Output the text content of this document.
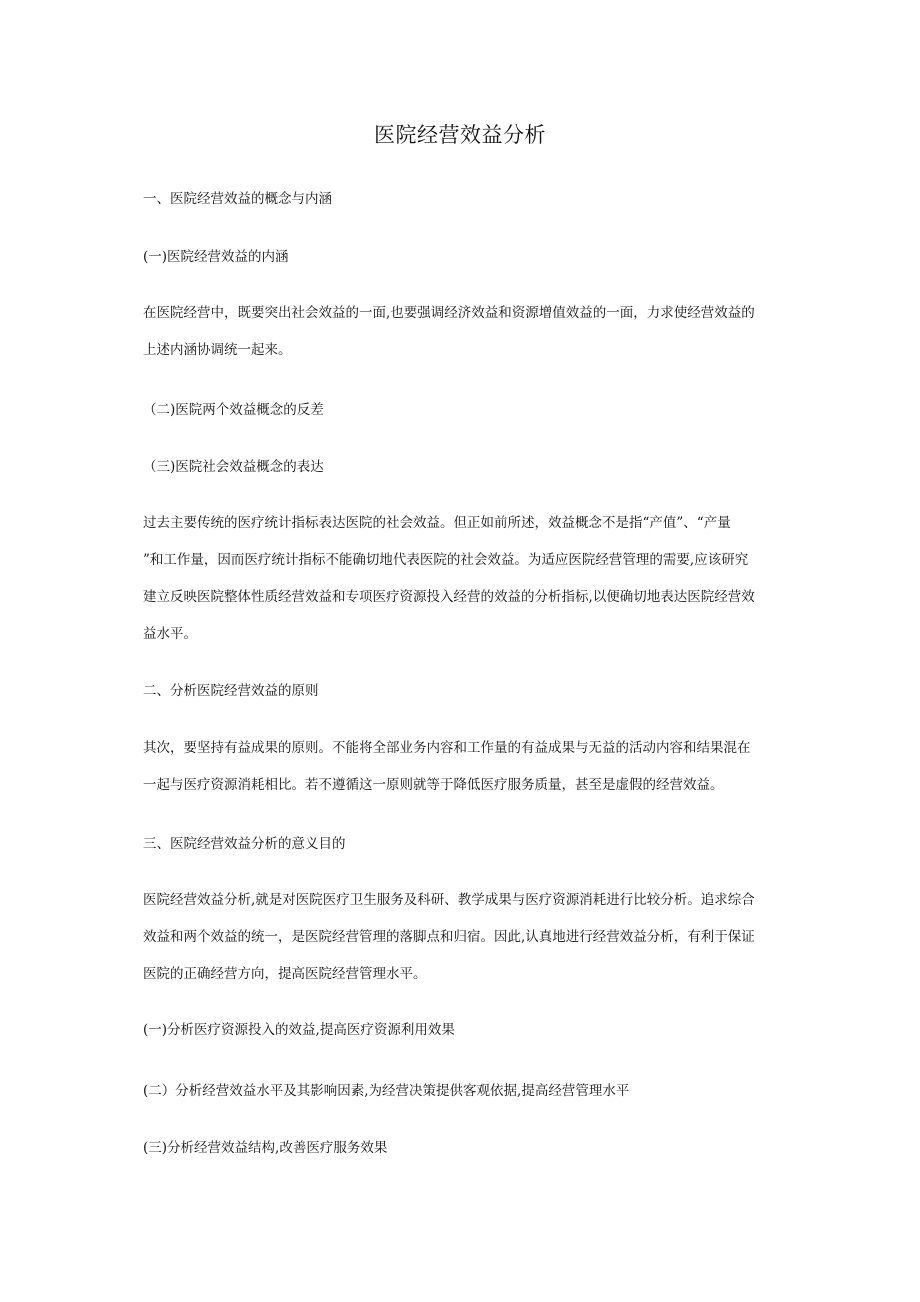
医院经营效益分析
一、医院经营效益的概念与内涵
(一)医院经营效益的内涵
在医院经营中，既要突出社会效益的一面,也要强调经济效益和资源增值效益的一面，力求使经营效益的
上述内涵协调统一起来。
（二)医院两个效益概念的反差
（三)医院社会效益概念的表达
过去主要传统的医疗统计指标表达医院的社会效益。但正如前所述，效益概念不是指“产值”、“产量
”和工作量，因而医疗统计指标不能确切地代表医院的社会效益。为适应医院经营管理的需要,应该研究
建立反映医院整体性质经营效益和专项医疗资源投入经营的效益的分析指标,以便确切地表达医院经营效
益水平。
二、分析医院经营效益的原则
其次，要坚持有益成果的原则。不能将全部业务内容和工作量的有益成果与无益的活动内容和结果混在
一起与医疗资源消耗相比。若不遵循这一原则就等于降低医疗服务质量，甚至是虚假的经营效益。
三、医院经营效益分析的意义目的
医院经营效益分析,就是对医院医疗卫生服务及科研、教学成果与医疗资源消耗进行比较分析。追求综合
效益和两个效益的统一，是医院经营管理的落脚点和归宿。因此,认真地进行经营效益分析，有利于保证
医院的正确经营方向，提高医院经营管理水平。
(一)分析医疗资源投入的效益,提高医疗资源利用效果
(二）分析经营效益水平及其影响因素,为经营决策提供客观依据,提高经营管理水平
(三)分析经营效益结构,改善医疗服务效果
